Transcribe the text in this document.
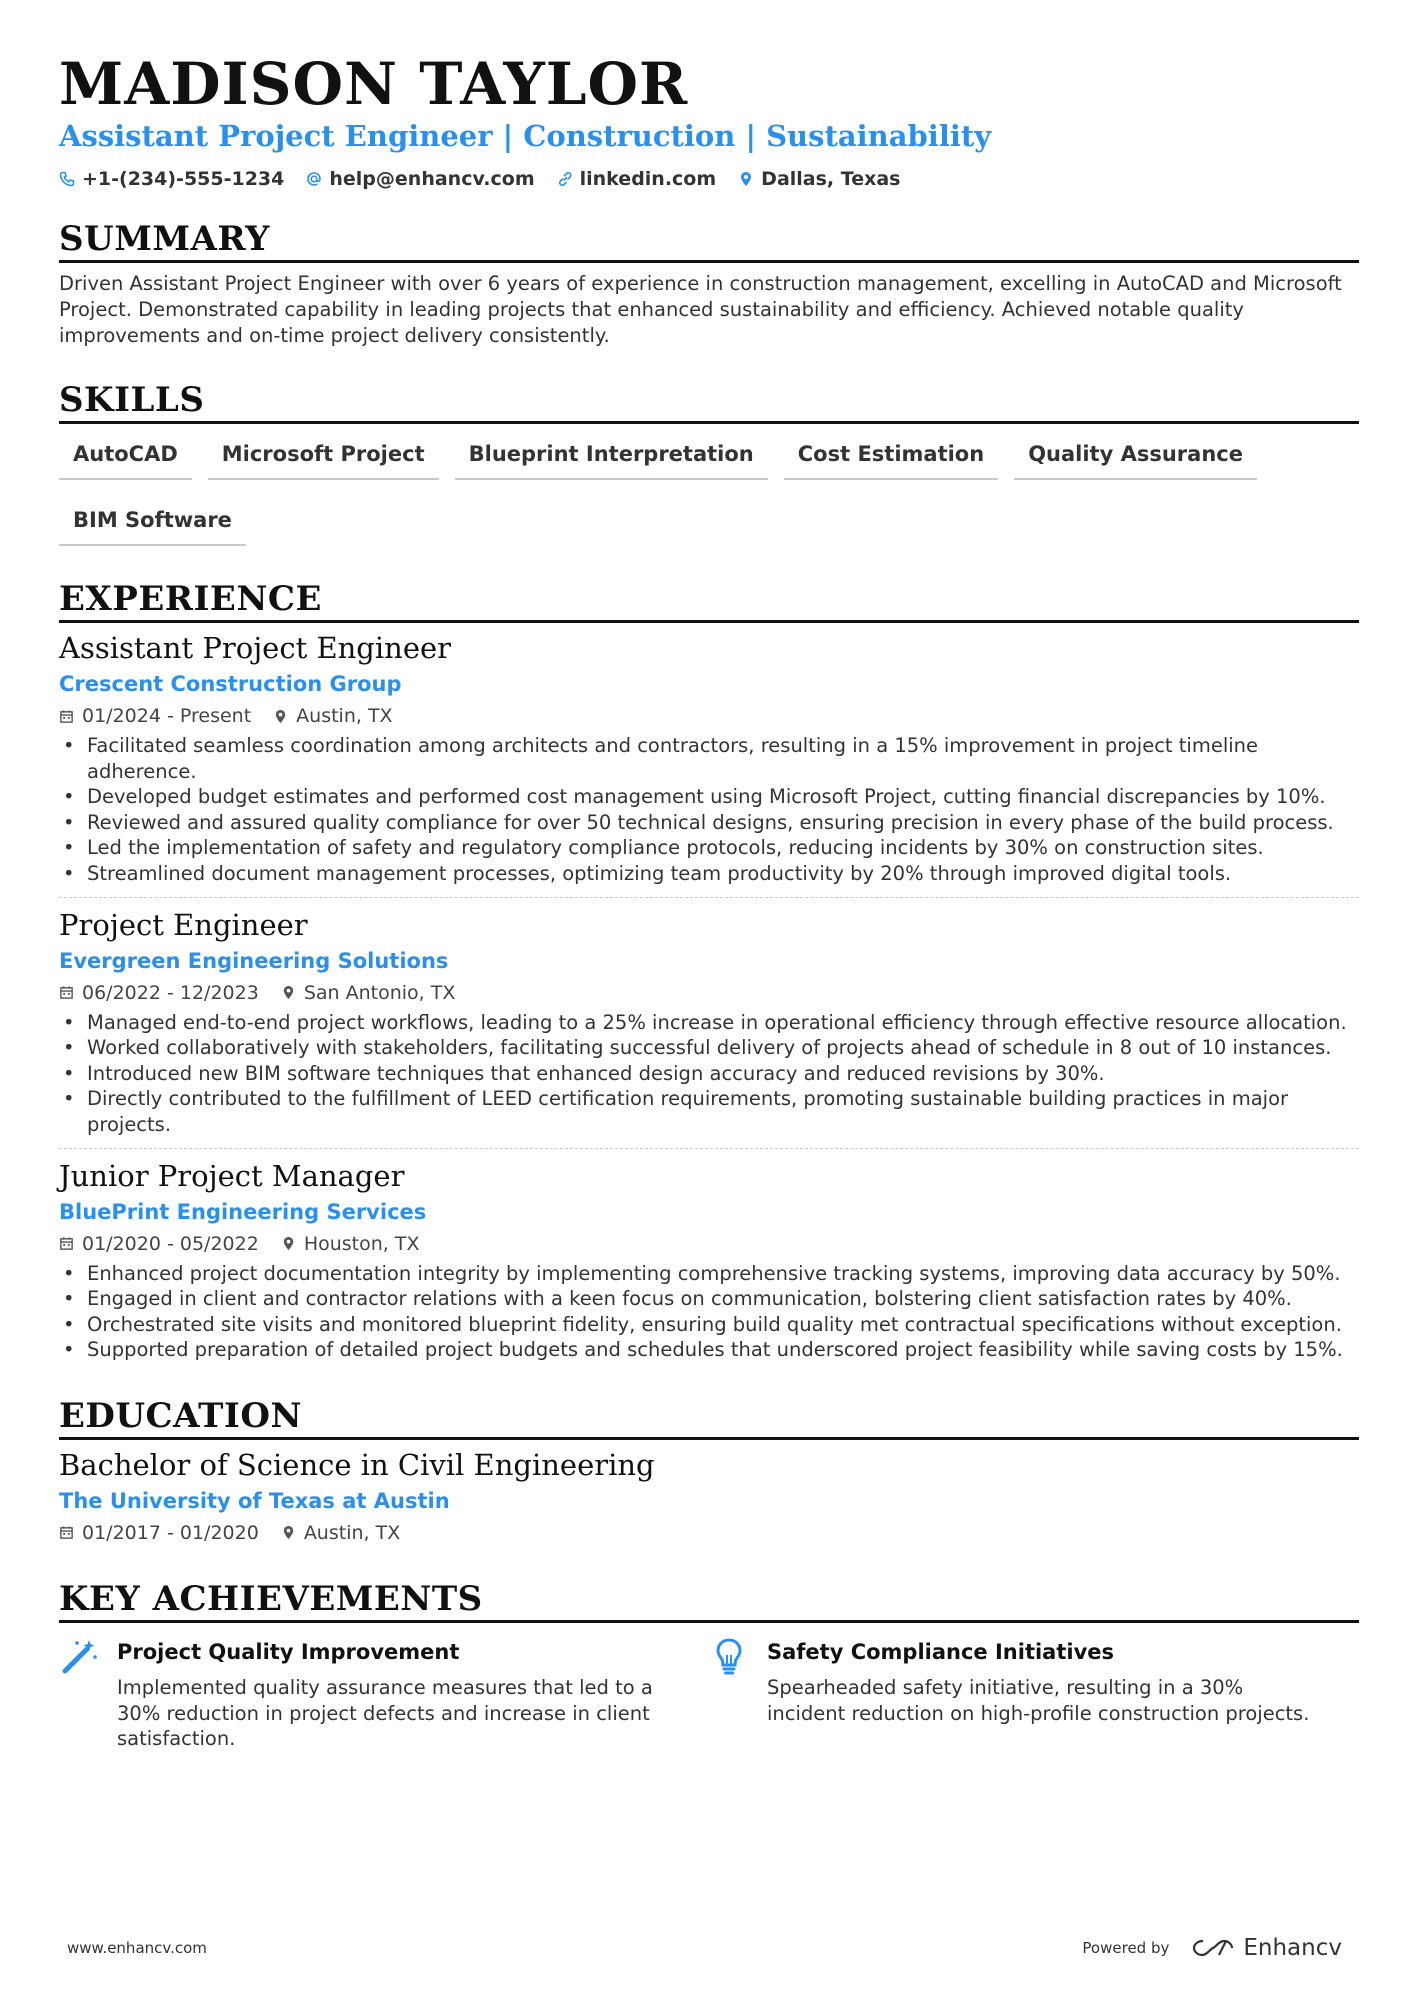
MADISON TAYLOR
Assistant Project Engineer | Construction | Sustainability
+1-(234)-555-1234 help@enhancv.com linkedin.com Dallas, Texas
SUMMARY
Driven Assistant Project Engineer with over 6 years of experience in construction management, excelling in AutoCAD and Microsoft Project. Demonstrated capability in leading projects that enhanced sustainability and efficiency. Achieved notable quality improvements and on-time project delivery consistently.
SKILLS
AutoCAD	Microsoft Project	Blueprint Interpretation	Cost Estimation	Quality Assurance
BIM Software
EXPERIENCE
Assistant Project Engineer
Crescent Construction Group
01/2024 - Present Austin, TX
• Facilitated seamless coordination among architects and contractors, resulting in a 15% improvement in project timeline adherence.
• Developed budget estimates and performed cost management using Microsoft Project, cutting financial discrepancies by 10%.
• Reviewed and assured quality compliance for over 50 technical designs, ensuring precision in every phase of the build process.
• Led the implementation of safety and regulatory compliance protocols, reducing incidents by 30% on construction sites.
• Streamlined document management processes, optimizing team productivity by 20% through improved digital tools.
Project Engineer
Evergreen Engineering Solutions
06/2022 - 12/2023 San Antonio, TX
• Managed end-to-end project workflows, leading to a 25% increase in operational efficiency through effective resource allocation.
• Worked collaboratively with stakeholders, facilitating successful delivery of projects ahead of schedule in 8 out of 10 instances.
• Introduced new BIM software techniques that enhanced design accuracy and reduced revisions by 30%.
• Directly contributed to the fulfillment of LEED certification requirements, promoting sustainable building practices in major projects.
Junior Project Manager
BluePrint Engineering Services
01/2020 - 05/2022 Houston, TX
• Enhanced project documentation integrity by implementing comprehensive tracking systems, improving data accuracy by 50%.
• Engaged in client and contractor relations with a keen focus on communication, bolstering client satisfaction rates by 40%.
• Orchestrated site visits and monitored blueprint fidelity, ensuring build quality met contractual specifications without exception.
• Supported preparation of detailed project budgets and schedules that underscored project feasibility while saving costs by 15%.
EDUCATION
Bachelor of Science in Civil Engineering
The University of Texas at Austin
01/2017 - 01/2020 Austin, TX
KEY ACHIEVEMENTS
Project Quality Improvement
Implemented quality assurance measures that led to a 30% reduction in project defects and increase in client satisfaction.
Safety Compliance Initiatives
Spearheaded safety initiative, resulting in a 30% incident reduction on high-profile construction projects.
www.enhancv.com	Powered by	Enhancv
